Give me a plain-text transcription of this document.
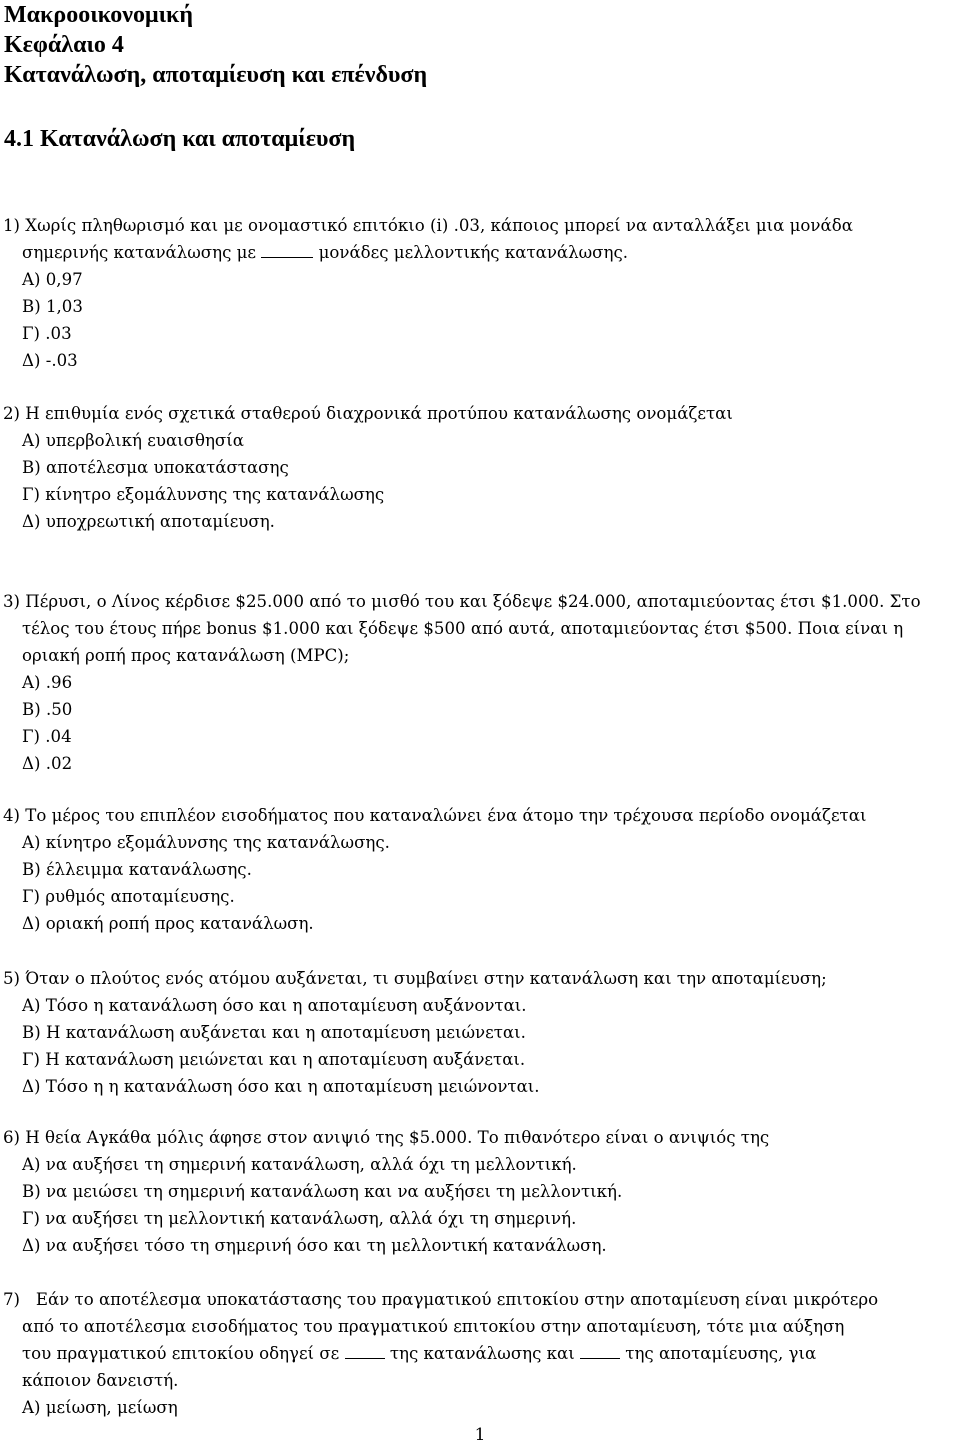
Μακροοικονομική
Κεφάλαιο 4
Κατανάλωση, αποταμίευση και επένδυση
4.1 Κατανάλωση και αποταμίευση

1) Χωρίς πληθωρισμό και με ονομαστικό επιτόκιο (i) .03, κάποιος μπορεί να ανταλλάξει μια μονάδα

σημερινής κατανάλωσης με	μονάδες μελλοντικής κατανάλωσης.

Α) 0,97

Β) 1,03

Γ) .03

Δ) -.03

2) Η επιθυμία ενός σχετικά σταθερού διαχρονικά προτύπου κατανάλωσης ονομάζεται

Α) υπερβολική ευαισθησία

Β) αποτέλεσμα υποκατάστασης

Γ) κίνητρο εξομάλυνσης της κατανάλωσης

Δ) υποχρεωτική αποταμίευση.

3) Πέρυσι, ο Λίνος κέρδισε $25.000 από το μισθό του και ξόδεψε $24.000, αποταμιεύοντας έτσι $1.000. Στο

τέλος του έτους πήρε bonus $1.000 και ξόδεψε $500 από αυτά, αποταμιεύοντας έτσι $500. Ποια είναι η

οριακή ροπή προς κατανάλωση (MPC);

Α) .96

Β) .50

Γ) .04

Δ) .02

4) Το μέρος του επιπλέον εισοδήματος που καταναλώνει ένα άτομο την τρέχουσα περίοδο ονομάζεται

Α) κίνητρο εξομάλυνσης της κατανάλωσης.

Β) έλλειμμα κατανάλωσης.

Γ) ρυθμός αποταμίευσης.

Δ) οριακή ροπή προς κατανάλωση.

5) Όταν ο πλούτος ενός ατόμου αυξάνεται, τι συμβαίνει στην κατανάλωση και την αποταμίευση;

Α) Τόσο η κατανάλωση όσο και η αποταμίευση αυξάνονται.

Β) Η κατανάλωση αυξάνεται και η αποταμίευση μειώνεται.

Γ) Η κατανάλωση μειώνεται και η αποταμίευση αυξάνεται.

Δ) Τόσο η η κατανάλωση όσο και η αποταμίευση μειώνονται.

6) Η θεία Αγκάθα μόλις άφησε στον ανιψιό της $5.000. Το πιθανότερο είναι ο ανιψιός της

Α) να αυξήσει τη σημερινή κατανάλωση, αλλά όχι τη μελλοντική.

Β) να μειώσει τη σημερινή κατανάλωση και να αυξήσει τη μελλοντική.

Γ) να αυξήσει τη μελλοντική κατανάλωση, αλλά όχι τη σημερινή.

Δ) να αυξήσει τόσο τη σημερινή όσο και τη μελλοντική κατανάλωση.

7)   Εάν το αποτέλεσμα υποκατάστασης του πραγματικού επιτοκίου στην αποταμίευση είναι μικρότερο

από το αποτέλεσμα εισοδήματος του πραγματικού επιτοκίου στην αποταμίευση, τότε μια αύξηση

του πραγματικού επιτοκίου οδηγεί σε  της κατανάλωσης και  της αποταμίευσης, για

κάποιον δανειστή.

Α) μείωση, μείωση

1
